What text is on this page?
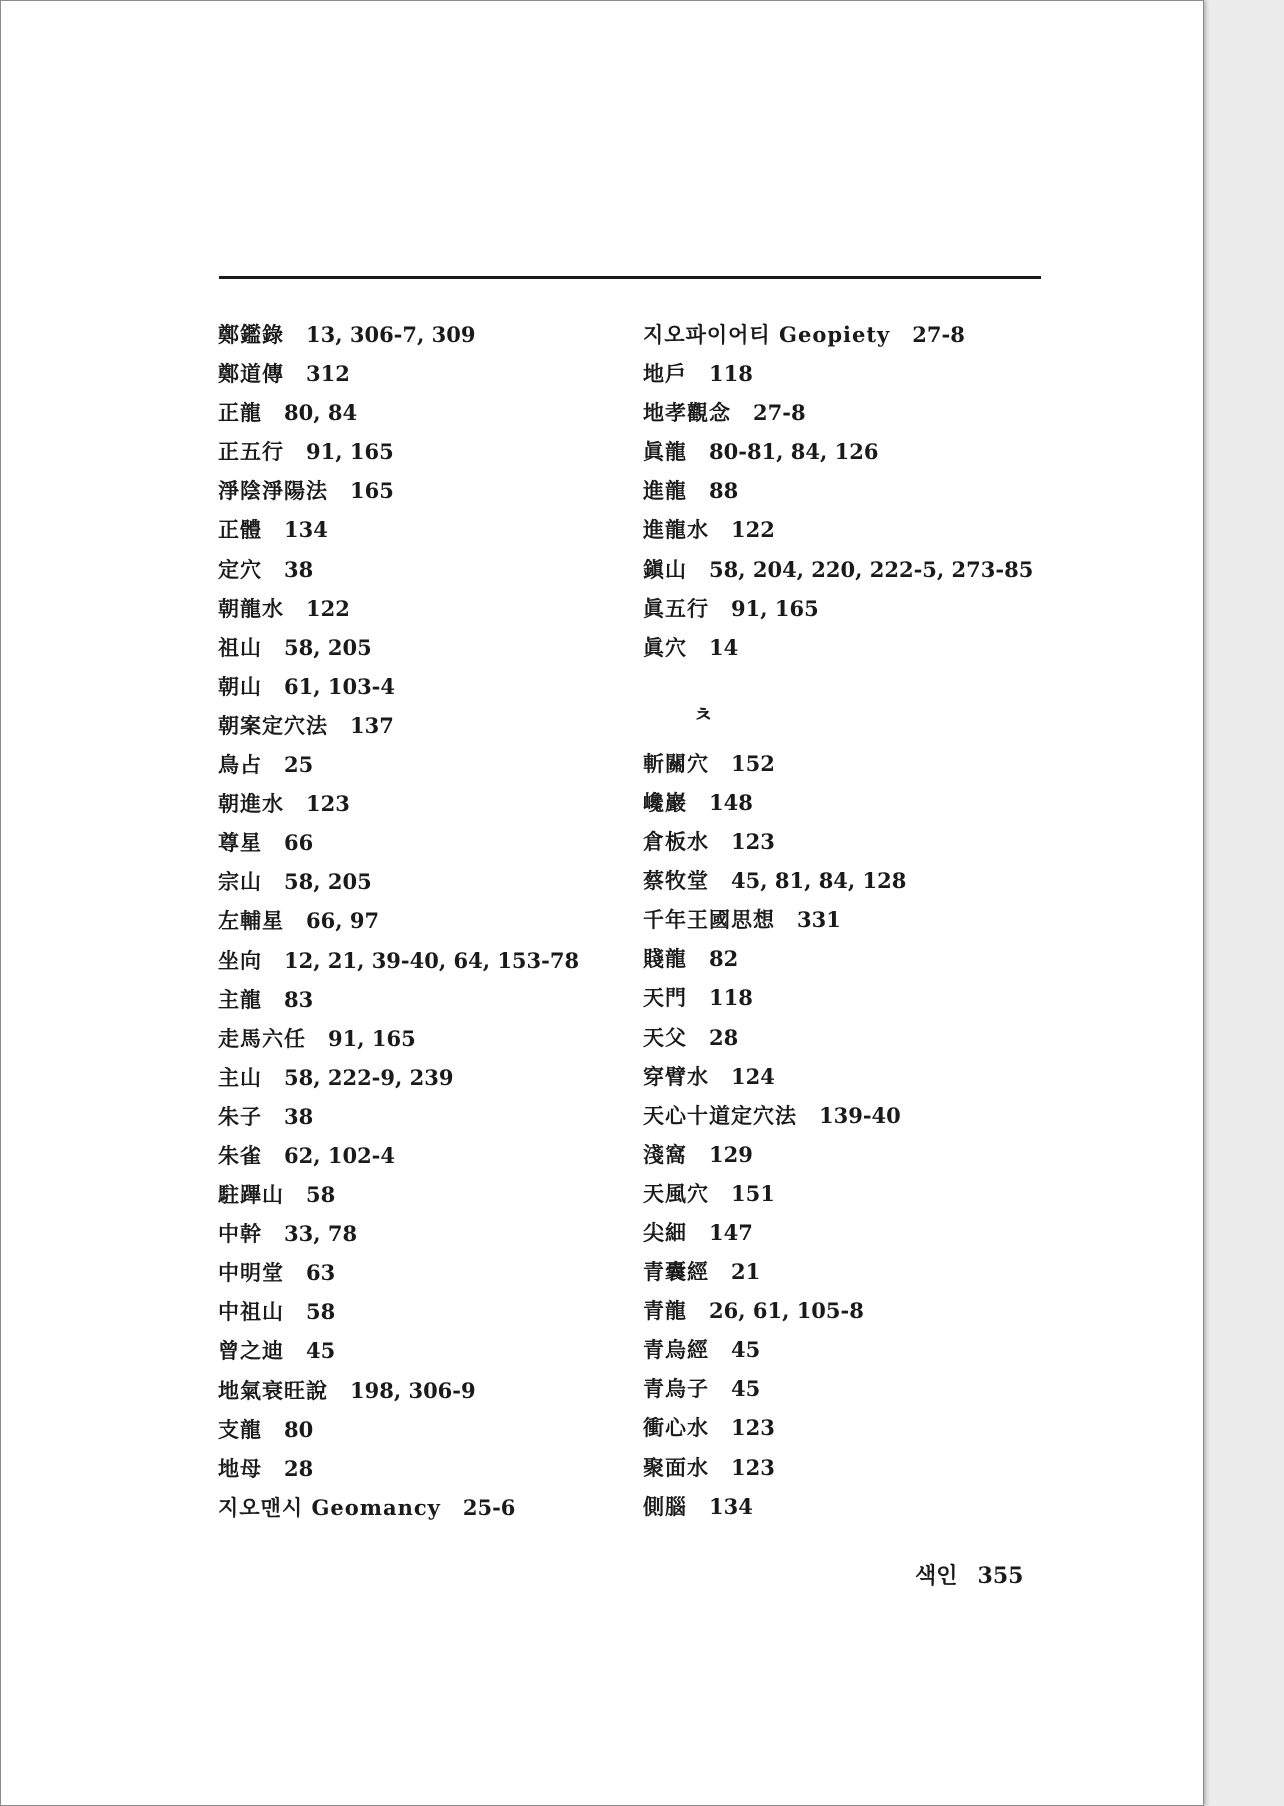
鄭鑑錄 13, 306-7, 309
鄭道傳 312
正龍 80, 84
正五行 91, 165
淨陰淨陽法 165
正體 134
定穴 38
朝龍水 122
祖山 58, 205
朝山 61, 103-4
朝案定穴法 137
鳥占 25
朝進水 123
尊星 66
宗山 58, 205
左輔星 66, 97
坐向 12, 21, 39-40, 64, 153-78
主龍 83
走馬六任 91, 165
主山 58, 222-9, 239
朱子 38
朱雀 62, 102-4
駐蹕山 58
中幹 33, 78
中明堂 63
中祖山 58
曾之迪 45
地氣衰旺說 198, 306-9
支龍 80
地母 28
지오맨시 Geomancy 25-6
지오파이어티 Geopiety 27-8
地戶 118
地孝觀念 27-8
眞龍 80-81, 84, 126
進龍 88
進龍水 122
鎭山 58, 204, 220, 222-5, 273-85
眞五行 91, 165
眞穴 14
ㅊ
斬關穴 152
巉巖 148
倉板水 123
蔡牧堂 45, 81, 84, 128
千年王國思想 331
賤龍 82
天門 118
天父 28
穿臂水 124
天心十道定穴法 139-40
淺窩 129
天風穴 151
尖細 147
青囊經 21
青龍 26, 61, 105-8
青烏經 45
青烏子 45
衝心水 123
聚面水 123
側腦 134
색인 355
